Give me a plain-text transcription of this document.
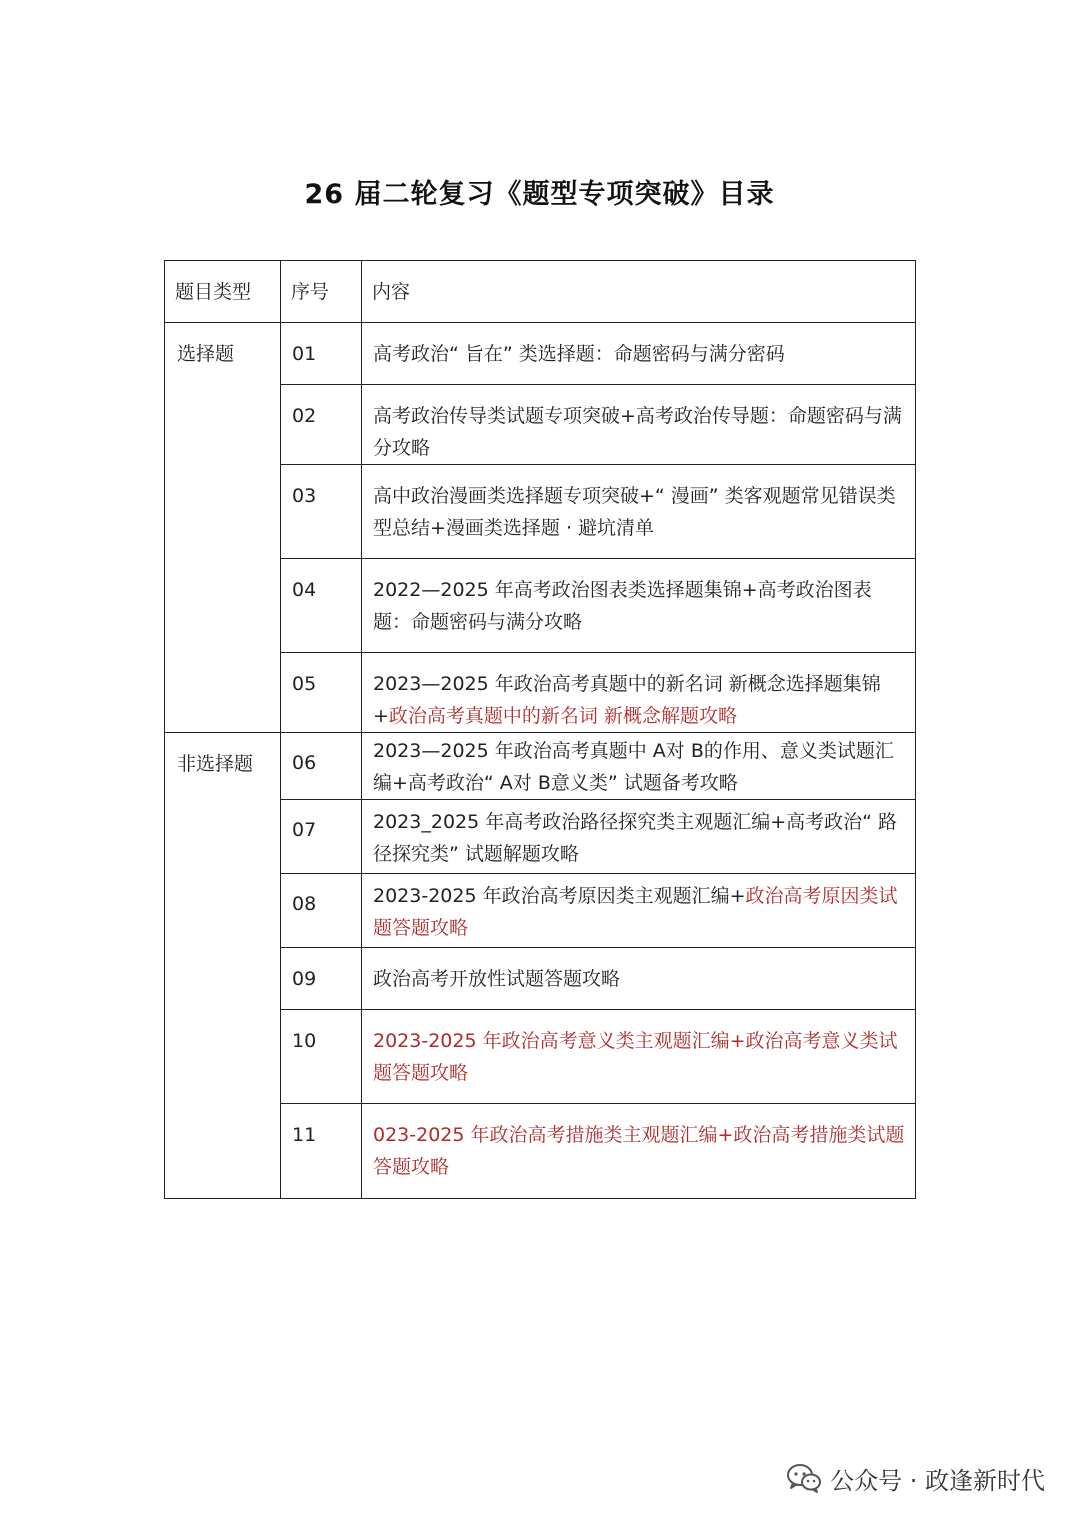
26 届二轮复习《题型专项突破》目录
题目类型	序号	内容
选择题	01	高考政治“ 旨在” 类选择题：命题密码与满分密码
	02	高考政治传导类试题专项突破+高考政治传导题：命题密码与满分攻略
	03	高中政治漫画类选择题专项突破+“ 漫画” 类客观题常见错误类型总结+漫画类选择题 · 避坑清单
	04	2022—2025 年高考政治图表类选择题集锦+高考政治图表题：命题密码与满分攻略
	05	2023—2025 年政治高考真题中的新名词 新概念选择题集锦+政治高考真题中的新名词 新概念解题攻略
非选择题	06	2023—2025 年政治高考真题中 A对 B的作用、意义类试题汇编+高考政治“ A对 B意义类” 试题备考攻略
	07	2023_2025 年高考政治路径探究类主观题汇编+高考政治“ 路径探究类” 试题解题攻略
	08	2023-2025 年政治高考原因类主观题汇编+政治高考原因类试题答题攻略
	09	政治高考开放性试题答题攻略
	10	2023-2025 年政治高考意义类主观题汇编+政治高考意义类试题答题攻略
	11	023-2025 年政治高考措施类主观题汇编+政治高考措施类试题答题攻略
公众号 · 政逢新时代
